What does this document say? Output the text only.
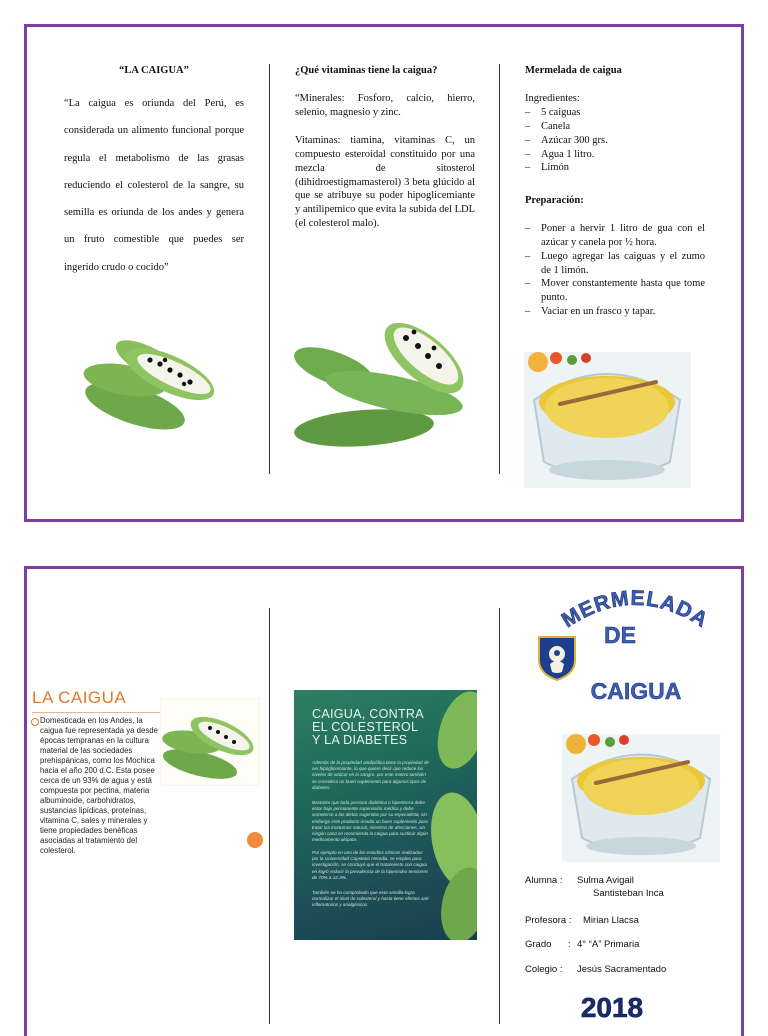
“LA CAIGUA”
“La caigua es oriunda del Perú, es considerada un alimento funcional porque regula el metabolismo de las grasas reduciendo el colesterol de la sangre, su semilla es oriunda de los andes y genera un fruto comestible que puedes ser ingerido crudo o cocido”
¿Qué vitaminas tiene la caigua?
“Minerales: Fosforo, calcio, hierro, selenio, magnesio y zinc.
Vitaminas: tiamina, vitaminas C, un compuesto esteroidal constituido por una mezcla de sitosterol (dihidroestigmamasterol) 3 beta glúcido al que se atribuye su poder hipoglicemiante y antilipemico que evita la subida del LDL (el colesterol malo).
Mermelada de caigua
Ingredientes:
– 5 caiguas
– Canela
– Azúcar 300 grs.
– Agua 1 litro.
– Limón
Preparación:
– Poner a hervir 1 litro de gua con el azúcar y canela por ½ hora.
– Luego agregar las caiguas y el zumo de 1 limón.
– Mover constantemente hasta que tome punto.
– Vaciar en un frasco y tapar.
LA CAIGUA
Domesticada en los Andes, la caigua fue representada ya desde épocas tempranas en la cultura material de las sociedades prehispánicas, como los Mochica hacia el año 200 d.C. Esta posee cerca de un 93% de agua y está compuesta por pectina, materia albuminoide, carbohidratos, sustancias lipídicas, proteínas, vitamina C, sales y minerales y tiene propiedades benéficas asociadas al tratamiento del colesterol.
CAIGUA, CONTRA
EL COLESTEROL
Y LA DIABETES
Además de la propiedad antilipídica tiene la propiedad de ser hipoglicemiante, lo que quiere decir que reduce los niveles de azúcar en la sangre, por este motivo también se considera un buen suplemento para algunos tipos de diabetes.
Bastante que toda persona diabética o hipertensa debe estar bajo permanente supervisión médica y debe someterse a las dietas sugeridas por su especialista, sin embargo este producto resulta un buen suplemento para tratar las trastornos natural, mientras de afecciones, sin ningún caso se recomienda la caigua para sustituir algún medicamento alópata.
Por ejemplo en uno de los estudios clínicos realizados por la Universidad Cayetano Heredia, se empleo para investigación, se concluyó que el tratamiento con caigua en logró reducir la prevalencia de la hiperindex tensiones de 70% a 12.3%.
También se ha comprobado que esta semilla logra normalizar el nivel de colesterol y hasta tiene efectos anti-inflamatorios y analgésicos.
MERMELADA
DE
CAIGUA
Alumna : Sulma Avigail
Santisteban Inca
Profesora : Mirian Llacsa
Grado : 4° “A” Primaria
Colegio : Jesús Sacramentado
2018
